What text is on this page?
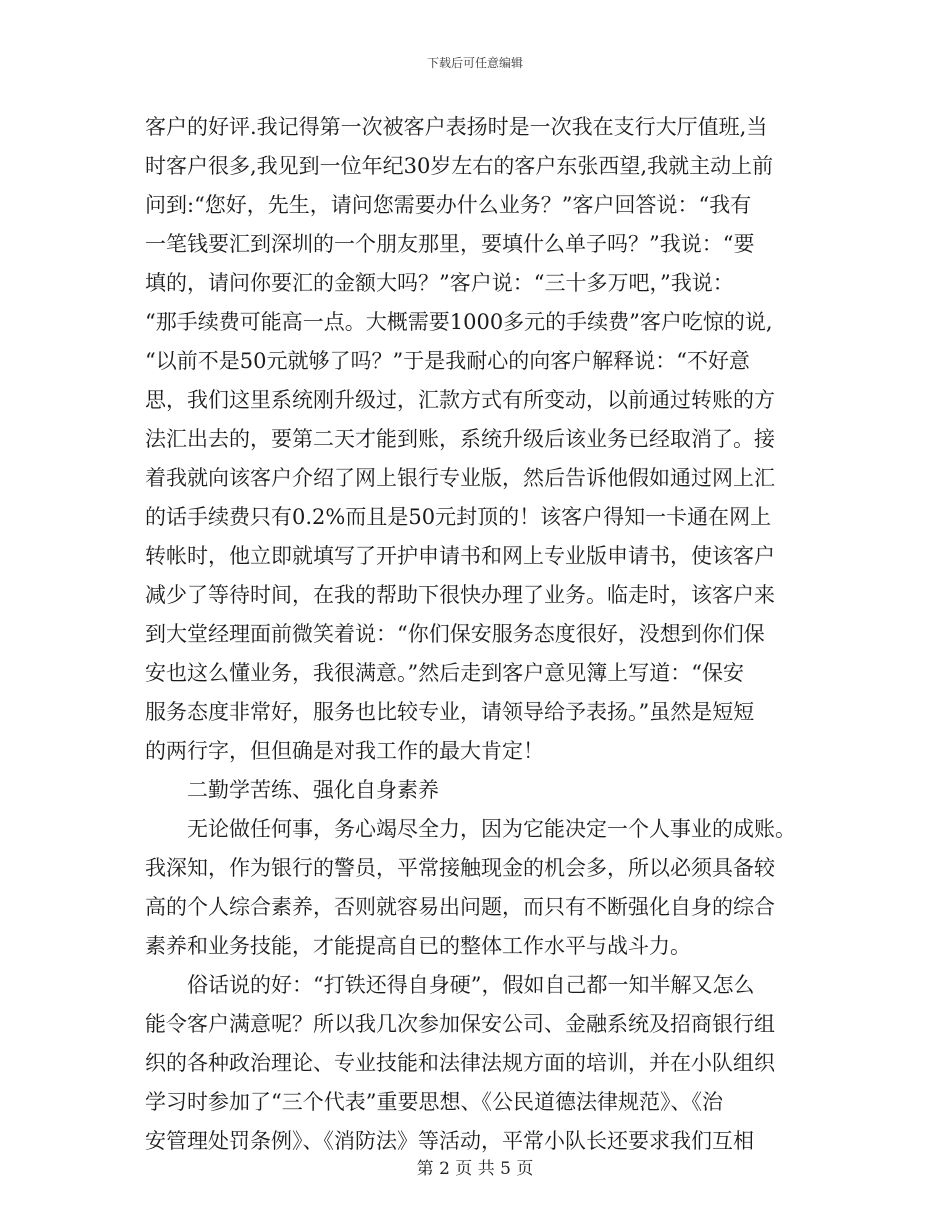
下载后可任意编辑
客户的好评.我记得第一次被客户表扬时是一次我在支行大厅值班,当
时客户很多,我见到一位年纪30岁左右的客户东张西望,我就主动上前
问到:“您好，先生，请问您需要办什么业务？”客户回答说：“我有
一笔钱要汇到深圳的一个朋友那里，要填什么单子吗？”我说：“要
填的，请问你要汇的金额大吗？”客户说：“三十多万吧，”我说：
“那手续费可能高一点。大概需要1000多元的手续费”客户吃惊的说,
“以前不是50元就够了吗？”于是我耐心的向客户解释说：“不好意
思，我们这里系统刚升级过，汇款方式有所变动，以前通过转账的方
法汇出去的，要第二天才能到账，系统升级后该业务已经取消了。接
着我就向该客户介绍了网上银行专业版，然后告诉他假如通过网上汇
的话手续费只有0.2%而且是50元封顶的！该客户得知一卡通在网上
转帐时，他立即就填写了开护申请书和网上专业版申请书，使该客户
减少了等待时间，在我的帮助下很快办理了业务。临走时，该客户来
到大堂经理面前微笑着说：“你们保安服务态度很好，没想到你们保
安也这么懂业务，我很满意。”然后走到客户意见簿上写道：“保安
服务态度非常好，服务也比较专业，请领导给予表扬。”虽然是短短
的两行字，但但确是对我工作的最大肯定！
二勤学苦练、强化自身素养
无论做任何事，务心竭尽全力，因为它能决定一个人事业的成账。
我深知，作为银行的警员，平常接触现金的机会多，所以必须具备较
高的个人综合素养，否则就容易出问题，而只有不断强化自身的综合
素养和业务技能，才能提高自已的整体工作水平与战斗力。
俗话说的好：“打铁还得自身硬”，假如自己都一知半解又怎么
能令客户满意呢？所以我几次参加保安公司、金融系统及招商银行组
织的各种政治理论、专业技能和法律法规方面的培训，并在小队组织
学习时参加了“三个代表”重要思想、《公民道德法律规范》、《治
安管理处罚条例》、《消防法》等活动，平常小队长还要求我们互相
第 2 页 共 5 页
